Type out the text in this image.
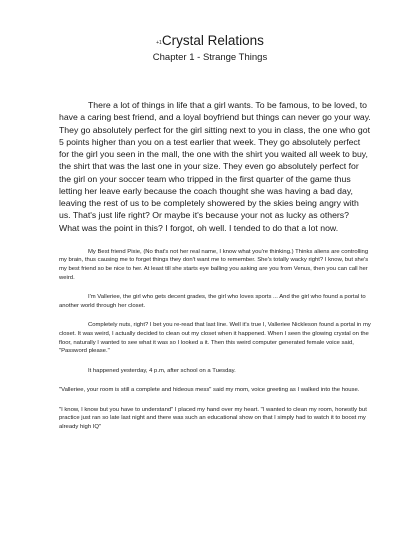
+1Crystal Relations
Chapter 1 - Strange Things

There a lot of things in life that a girl wants. To be famous, to be loved, to have a caring best friend, and a loyal boyfriend but things can never go your way. They go absolutely perfect for the girl sitting next to you in class, the one who got 5 points higher than you on a test earlier that week. They go absolutely perfect for the girl you seen in the mall, the one with the shirt you waited all week to buy, the shirt that was the last one in your size. They even go absolutely perfect for the girl on your soccer team who tripped in the first quarter of the game thus letting her leave early because the coach thought she was having a bad day, leaving the rest of us to be completely showered by the skies being angry with us. That's just life right? Or maybe it's because your not as lucky as others? What was the point in this? I forgot, oh well. I tended to do that a lot now.

My Best friend Pixie, (No that's not her real name, I know what you're thinking.) Thinks aliens are controlling my brain, thus causing me to forget things they don't want me to remember. She's totally wacky right? I know, but she's my best friend so be nice to her. At least till she starts eye balling you asking are you from Venus, then you can call her weird.

I'm Valleriee, the girl who gets decent grades, the girl who loves sports ... And the girl who found a portal to another world through her closet.

Completely nuts, right? I bet you re-read that last line. Well it's true I, Valleriee Nickleson found a portal in my closet. It was weird, I actually decided to clean out my closet when it happened. When I seen the glowing crystal on the floor, naturally I wanted to see what it was so I looked a it. Then this weird computer generated female voice said, "Password please."

It happened yesterday, 4 p.m, after school on a Tuesday.

"Valleriee, your room is still a complete and hideous mess" said my mom, voice greeting as I walked into the house.

"I know, I know but you have to understand" I placed my hand over my heart. "I wanted to clean my room, honestly but practice just ran so late last night and there was such an educational show on that I simply had to watch it to boost my already high IQ"
